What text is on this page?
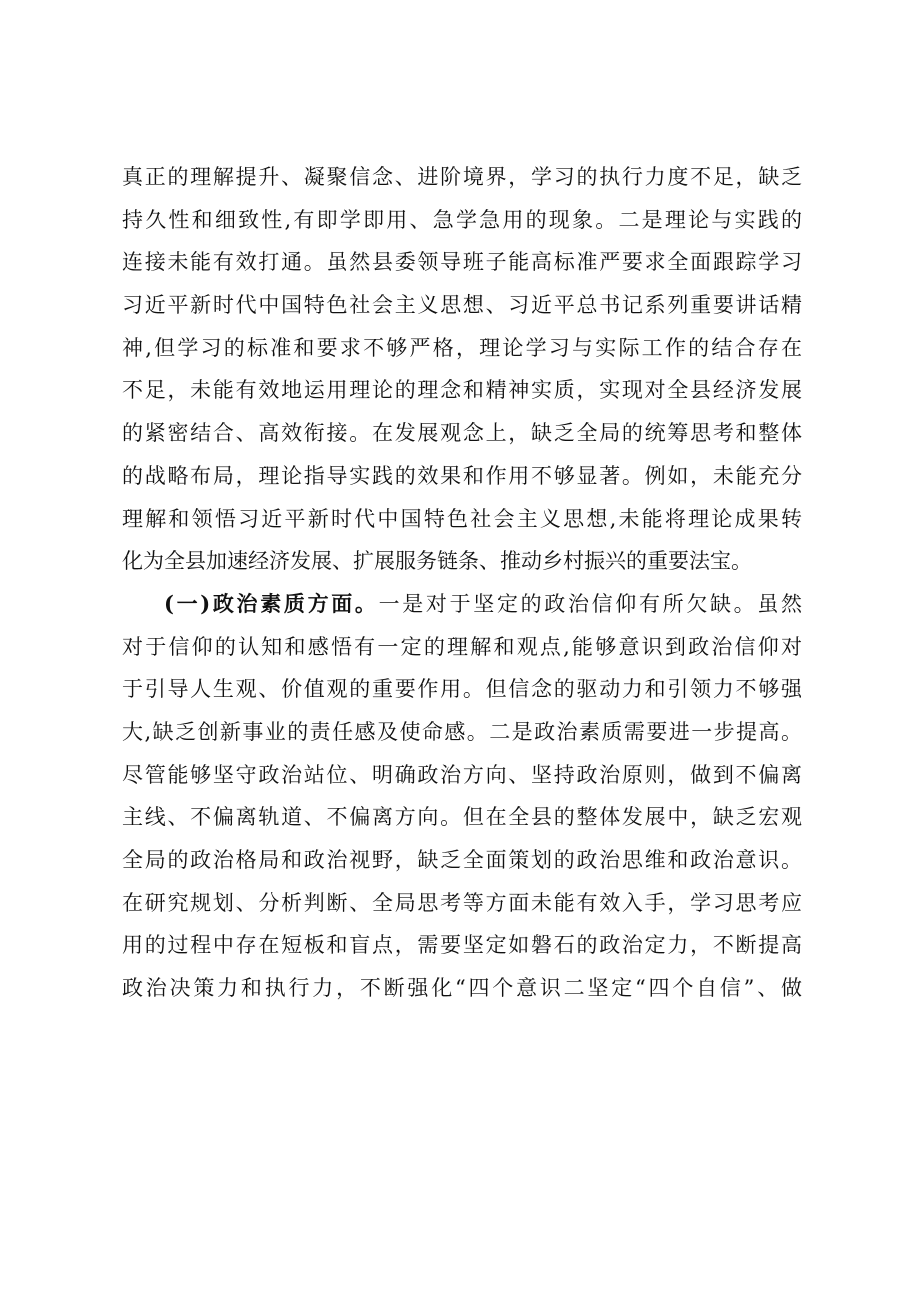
真正的理解提升、凝聚信念、进阶境界，学习的执行力度不足，缺乏
持久性和细致性,有即学即用、急学急用的现象。二是理论与实践的
连接未能有效打通。虽然县委领导班子能高标准严要求全面跟踪学习
习近平新时代中国特色社会主义思想、习近平总书记系列重要讲话精
神,但学习的标准和要求不够严格，理论学习与实际工作的结合存在
不足，未能有效地运用理论的理念和精神实质，实现对全县经济发展
的紧密结合、高效衔接。在发展观念上，缺乏全局的统筹思考和整体
的战略布局，理论指导实践的效果和作用不够显著。例如，未能充分
理解和领悟习近平新时代中国特色社会主义思想,未能将理论成果转
化为全县加速经济发展、扩展服务链条、推动乡村振兴的重要法宝。
(一)政治素质方面。一是对于坚定的政治信仰有所欠缺。虽然
对于信仰的认知和感悟有一定的理解和观点,能够意识到政治信仰对
于引导人生观、价值观的重要作用。但信念的驱动力和引领力不够强
大,缺乏创新事业的责任感及使命感。二是政治素质需要进一步提高。
尽管能够坚守政治站位、明确政治方向、坚持政治原则，做到不偏离
主线、不偏离轨道、不偏离方向。但在全县的整体发展中，缺乏宏观
全局的政治格局和政治视野，缺乏全面策划的政治思维和政治意识。
在研究规划、分析判断、全局思考等方面未能有效入手，学习思考应
用的过程中存在短板和盲点，需要坚定如磐石的政治定力，不断提高
政治决策力和执行力，不断强化“四个意识二坚定“四个自信”、做
